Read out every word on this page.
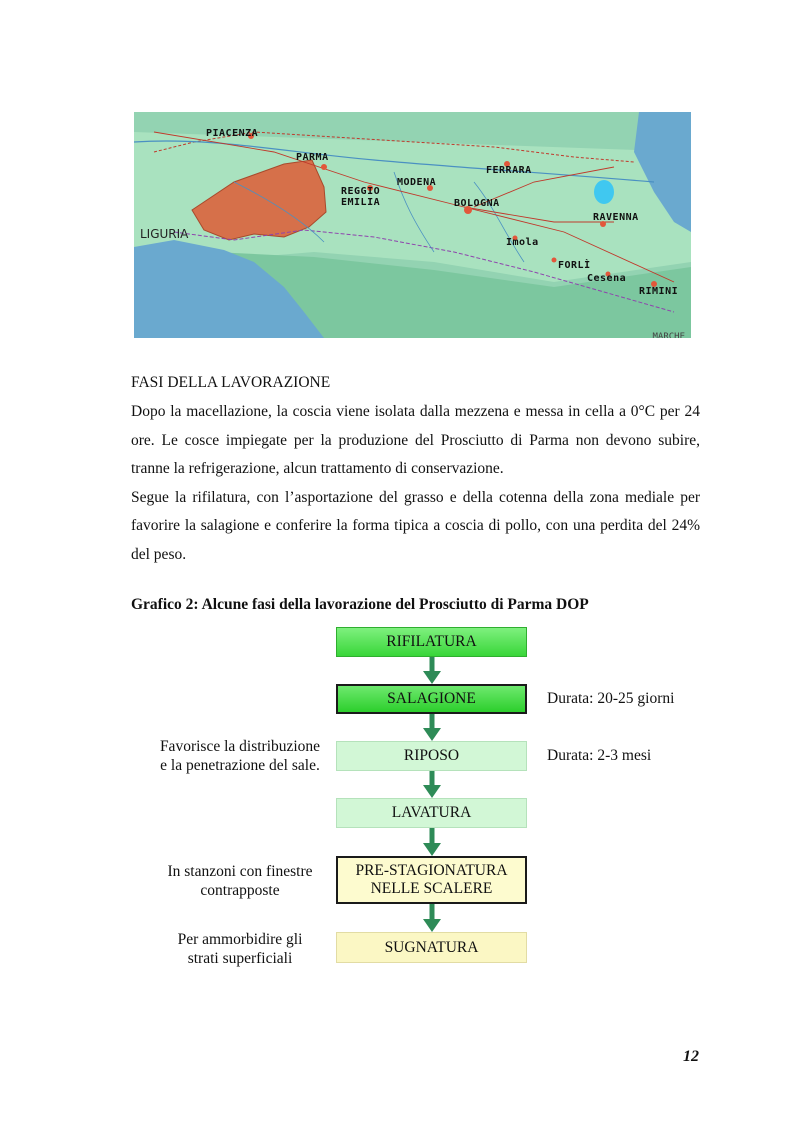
PIACENZA
PARMA
REGGIO
EMILIA
MODENA
FERRARA
BOLOGNA
RAVENNA
Imola
FORLÌ
Cesena
RIMINI
LIGURIA
MARCHE
FASI DELLA LAVORAZIONE

Dopo la macellazione, la coscia viene isolata dalla mezzena e messa in cella a 0°C per 24 ore. Le cosce impiegate per la produzione del Prosciutto di Parma non devono subire, tranne la refrigerazione, alcun trattamento di conservazione.

Segue la rifilatura, con l’asportazione del grasso e della cotenna della zona mediale per favorire la salagione e conferire la forma tipica a coscia di pollo, con una perdita del 24% del peso.

Grafico 2: Alcune fasi della lavorazione del Prosciutto di Parma DOP
RIFILATURA
SALAGIONE
RIPOSO
LAVATURA
PRE-STAGIONATURA
NELLE SCALERE
SUGNATURA
Durata: 20-25 giorni
Durata: 2-3 mesi
Favorisce la distribuzione
e la penetrazione del sale.
In stanzoni con finestre
contrapposte
Per ammorbidire gli
strati superficiali
12
